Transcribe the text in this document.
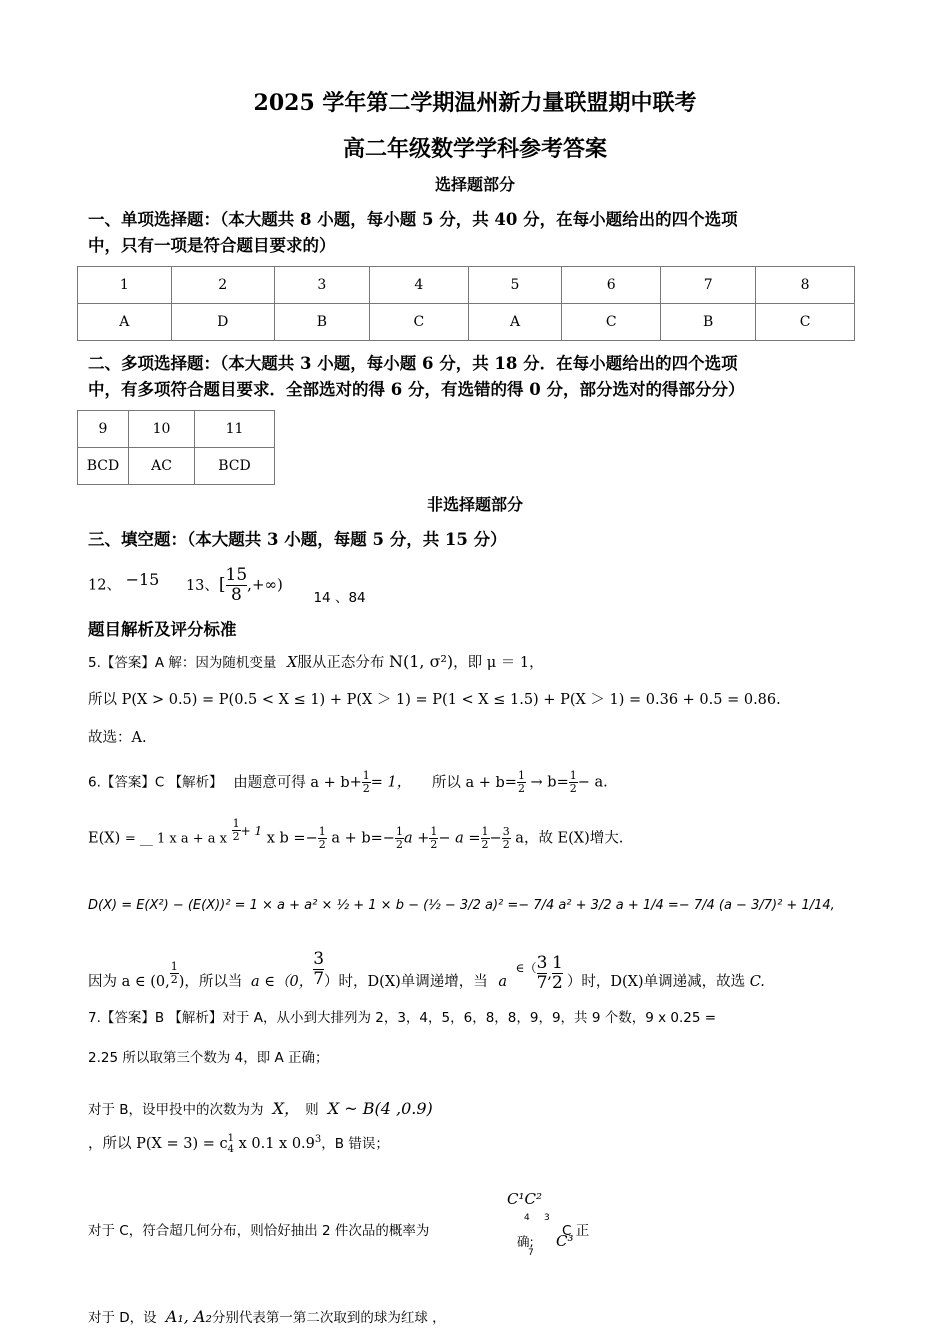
2025 学年第二学期温州新力量联盟期中联考
高二年级数学学科参考答案
选择题部分
一、单项选择题：（本大题共 8 小题，每小题 5 分，共 40 分，在每小题给出的四个选项
中，只有一项是符合题目要求的）
1	2	3	4	5	6	7	8
A	D	B	C	A	C	B	C
二、多项选择题：（本大题共 3 小题，每小题 6 分，共 18 分．在每小题给出的四个选项
中，有多项符合题目要求．全部选对的得 6 分，有选错的得 0 分，部分选对的得部分分）
9	10	11
BCD	AC	BCD
非选择题部分
三、填空题：（本大题共 3 小题，每题 5 分，共 15 分）
12、 −15 13、[ $\frac{15}{8},+\infty$) 14 、84
题目解析及评分标准
5.【答案】A 解：因为随机变量 X服从正态分布 N(1, σ²)，即 μ ＝ 1，
所以 P(X > 0.5) = P(0.5 < X ≤ 1) + P(X ＞ 1) = P(1 < X ≤ 1.5) + P(X ＞ 1) = 0.36 + 0.5 = 0.86.
故选：A.
6.【答案】C 【解析】 由题意可得 $a + b+ \frac{1}{2} = 1$， 所以 $a + b= \frac{1}{2} \to b= \frac{1}{2} - a$.
E(X) = __ 1 x a + a x $\frac{1}{2} ^{+ 1}$ x $b =- \frac{1}{2}$ $a + b=- \frac{1}{2}$ $a + \frac{1}{2} - a = \frac{1}{2} - \frac{3}{2}$ a，故 E(X)增大.
D(X) = E(X²) − (E(X))² = 1 × a + a² × ½ + 1 × b − (½ − 3/2 a)² =− 7/4 a² + 3/2 a + 1/4 =− 7/4 (a − 3/7)² + 1/14,
因为 a ∈ (0, $\frac{1}{2}$ )，所以当 a ∈（0， $\frac{3}{7}$）时，D(X)单调递增，当 a $_{\in(} \frac{3}{7}$, $\frac{1}{2}$ ）时，D(X)单调递减，故选 C.
7.【答案】B 【解析】对于 A，从小到大排列为 2，3，4，5，6，8，8，9，9，共 9 个数，9 x 0.25 =
2.25 所以取第三个数为 4，即 A 正确；
对于 B，设甲投中的次数为为 X， 则 X ~ B(4 ,0.9)
，所以 P(X = 3) = c 1
4 x 0.1 x $0.9^3$，B 错误；
C¹C²
4 3
对于 C，符合超几何分布，则恰好抽出 2 件次品的概率为	C 正
确; C³
7
对于 D，设 A₁, A₂分别代表第一第二次取到的球为红球 ，
